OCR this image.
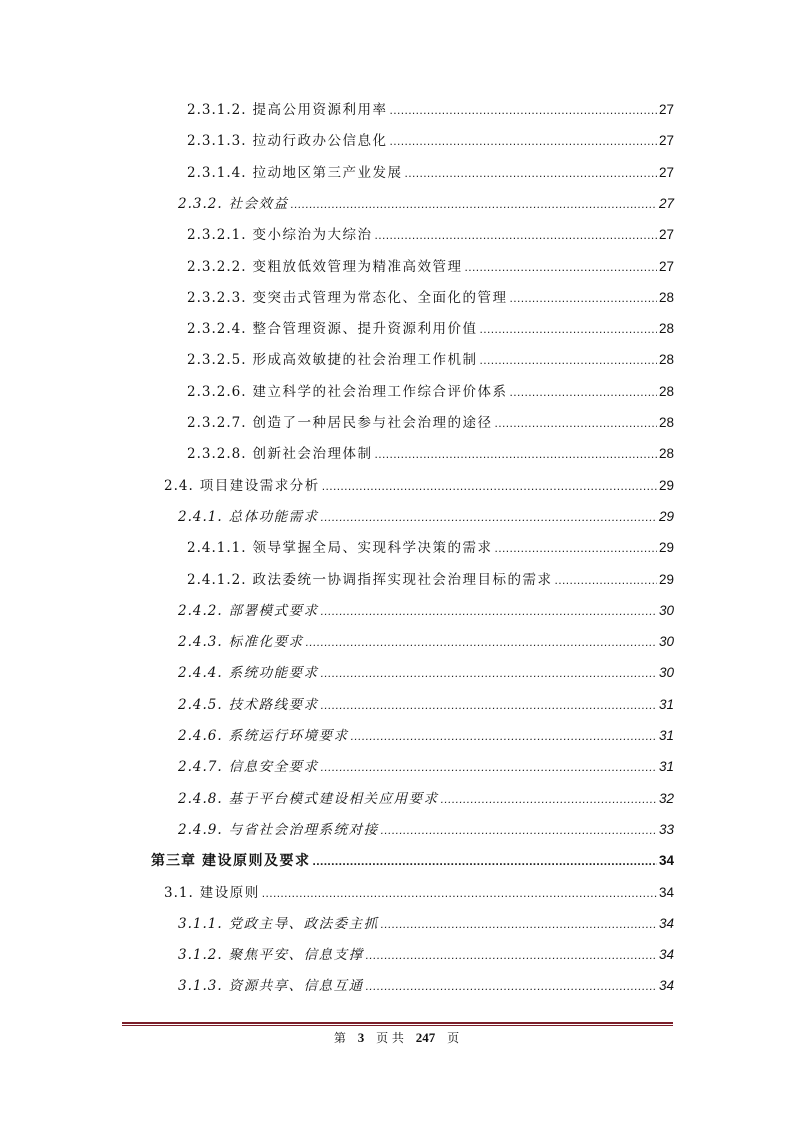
2.3.1.2. 提高公用资源利用率 .....	27
2.3.1.3. 拉动行政办公信息化 .....	27
2.3.1.4. 拉动地区第三产业发展 .....	27
2.3.2. 社会效益 .....	27
2.3.2.1. 变小综治为大综治 .....	27
2.3.2.2. 变粗放低效管理为精准高效管理 .....	27
2.3.2.3. 变突击式管理为常态化、全面化的管理 .....	28
2.3.2.4. 整合管理资源、提升资源利用价值 .....	28
2.3.2.5. 形成高效敏捷的社会治理工作机制 .....	28
2.3.2.6. 建立科学的社会治理工作综合评价体系 .....	28
2.3.2.7. 创造了一种居民参与社会治理的途径 .....	28
2.3.2.8. 创新社会治理体制 .....	28
2.4. 项目建设需求分析 .....	29
2.4.1. 总体功能需求 .....	29
2.4.1.1. 领导掌握全局、实现科学决策的需求 .....	29
2.4.1.2. 政法委统一协调指挥实现社会治理目标的需求 .....	29
2.4.2. 部署模式要求 .....	30
2.4.3. 标准化要求 .....	30
2.4.4. 系统功能要求 .....	30
2.4.5. 技术路线要求 .....	31
2.4.6. 系统运行环境要求 .....	31
2.4.7. 信息安全要求 .....	31
2.4.8. 基于平台模式建设相关应用要求 .....	32
2.4.9. 与省社会治理系统对接 .....	33
第三章 建设原则及要求 .....	34
3.1. 建设原则 .....	34
3.1.1. 党政主导、政法委主抓 .....	34
3.1.2. 聚焦平安、信息支撑 .....	34
3.1.3. 资源共享、信息互通 .....	34
第 3 页 共 247 页
